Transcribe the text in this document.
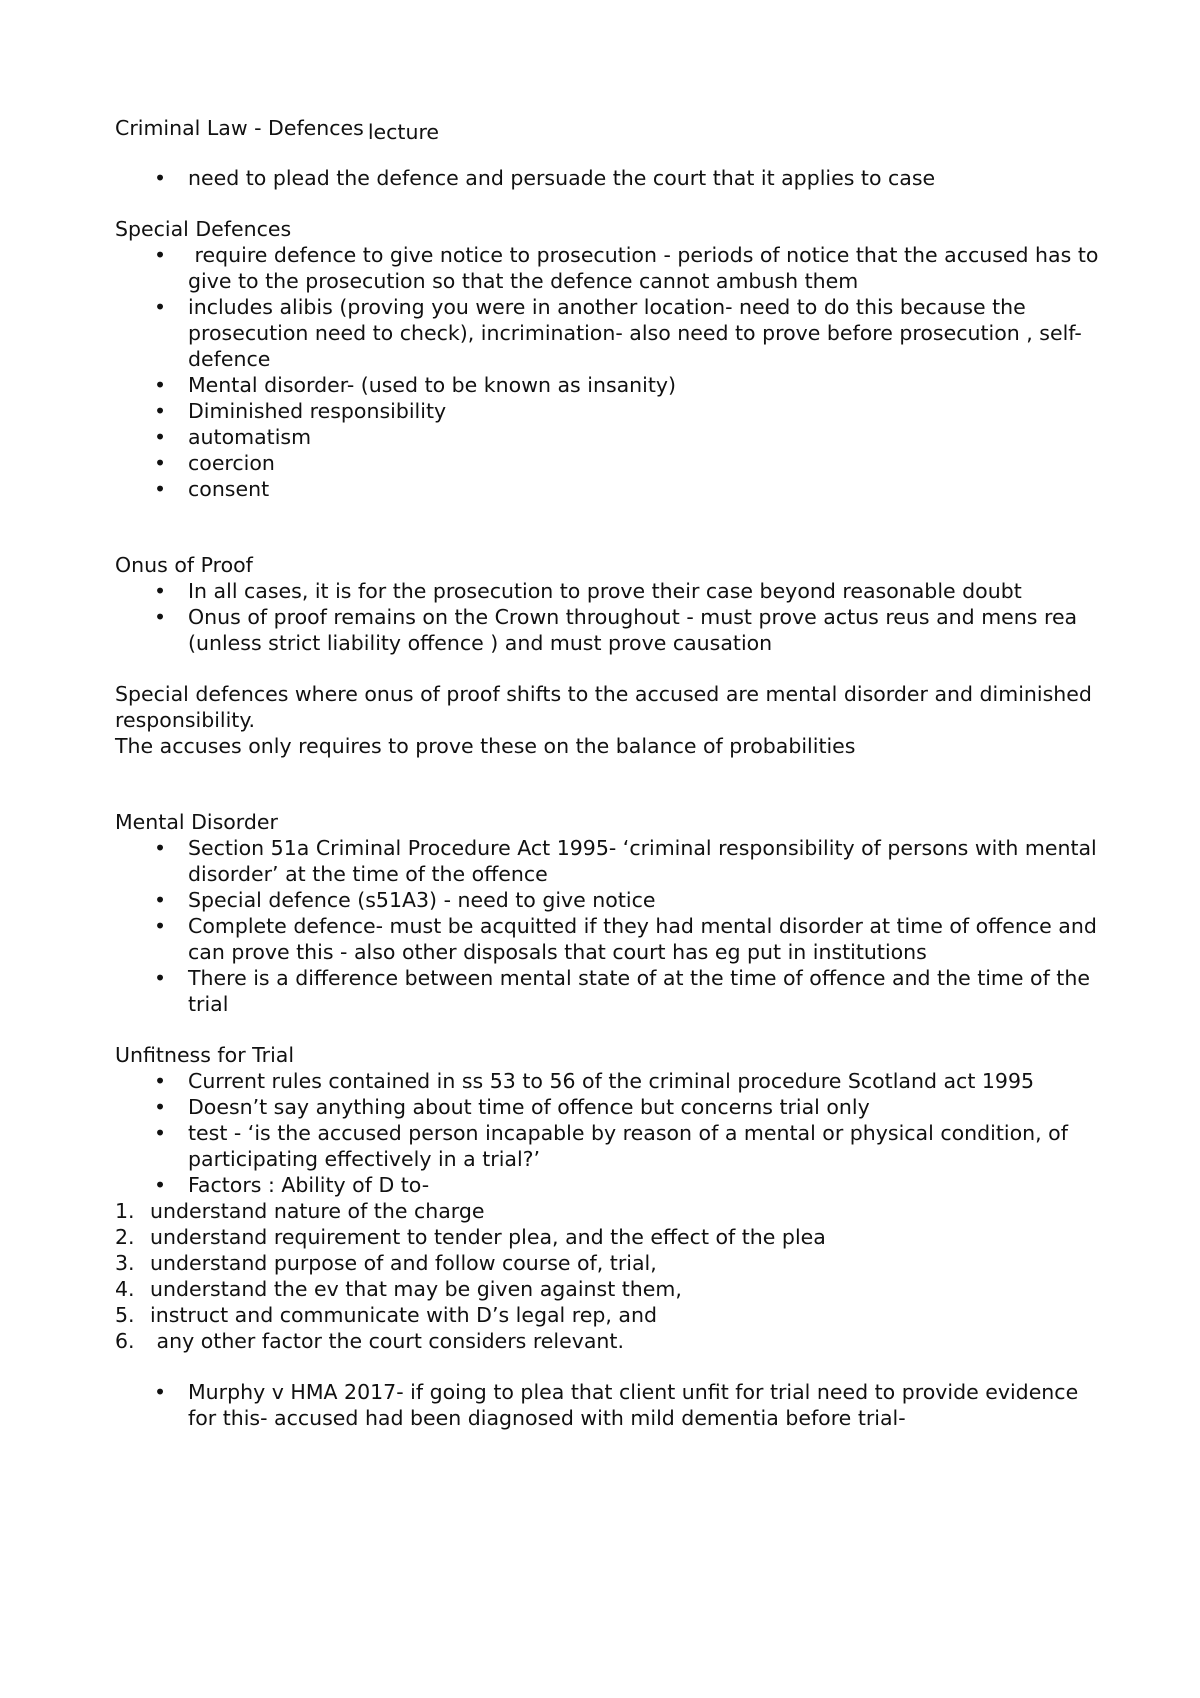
Criminal Law - Defences lecture
• need to plead the defence and persuade the court that it applies to case
Special Defences
• require defence to give notice to prosecution - periods of notice that the accused has to give to the prosecution so that the defence cannot ambush them
• includes alibis (proving you were in another location- need to do this because the prosecution need to check), incrimination- also need to prove before prosecution , self-defence
• Mental disorder- (used to be known as insanity)
• Diminished responsibility
• automatism
• coercion
• consent
Onus of Proof
• In all cases, it is for the prosecution to prove their case beyond reasonable doubt
• Onus of proof remains on the Crown throughout - must prove actus reus and mens rea (unless strict liability offence ) and must prove causation

Special defences where onus of proof shifts to the accused are mental disorder and diminished responsibility.

The accuses only requires to prove these on the balance of probabilities

Mental Disorder
• Section 51a Criminal Procedure Act 1995- ‘criminal responsibility of persons with mental disorder’ at the time of the offence
• Special defence (s51A3) - need to give notice
• Complete defence- must be acquitted if they had mental disorder at time of offence and can prove this - also other disposals that court has eg put in institutions
• There is a difference between mental state of at the time of offence and the time of the trial
Unfitness for Trial
• Current rules contained in ss 53 to 56 of the criminal procedure Scotland act 1995
• Doesn’t say anything about time of offence but concerns trial only
• test - ‘is the accused person incapable by reason of a mental or physical condition, of participating effectively in a trial?’
• Factors : Ability of D to-
1. understand nature of the charge
2. understand requirement to tender plea, and the effect of the plea
3. understand purpose of and follow course of, trial,
4. understand the ev that may be given against them,
5. instruct and communicate with D’s legal rep, and
6. any other factor the court considers relevant.
• Murphy v HMA 2017- if going to plea that client unfit for trial need to provide evidence for this- accused had been diagnosed with mild dementia before trial-
